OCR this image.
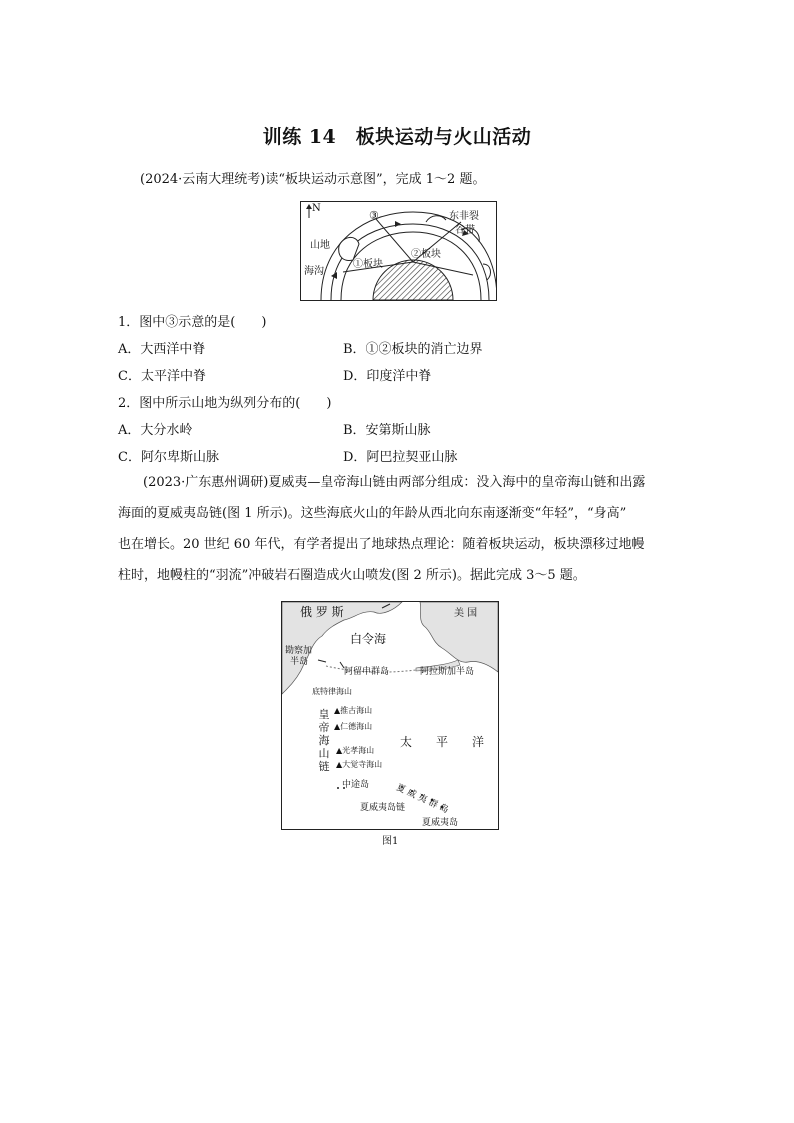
训练 14　板块运动与火山活动
(2024·云南大理统考)读“板块运动示意图”，完成 1～2 题。
N
③	东非裂
谷带
山地
海沟
①板块
②板块
1．图中③示意的是(　　)
A．大西洋中脊	B．①②板块的消亡边界
C．太平洋中脊	D．印度洋中脊
2．图中所示山地为纵列分布的(　　)
A．大分水岭	B．安第斯山脉
C．阿尔卑斯山脉	D．阿巴拉契亚山脉
(2023·广东惠州调研)夏威夷—皇帝海山链由两部分组成：没入海中的皇帝海山链和出露
海面的夏威夷岛链(图 1 所示)。这些海底火山的年龄从西北向东南逐渐变“年轻”，“身高”
也在增长。20 世纪 60 年代，有学者提出了地球热点理论：随着板块运动，板块漂移过地幔
柱时，地幔柱的“羽流”冲破岩石圈造成火山喷发(图 2 所示)。据此完成 3～5 题。
俄 罗 斯	美 国
白令海
勘察加
半岛
阿留申群岛	阿拉斯加半岛
底特律海山
皇
帝
海
山
链
▲推古海山
▲仁德海山
太　　平　　洋
▲光孝海山
▲大觉寺海山
中途岛	夏 威 夷 群 岛
夏威夷岛链
夏威夷岛
图1
